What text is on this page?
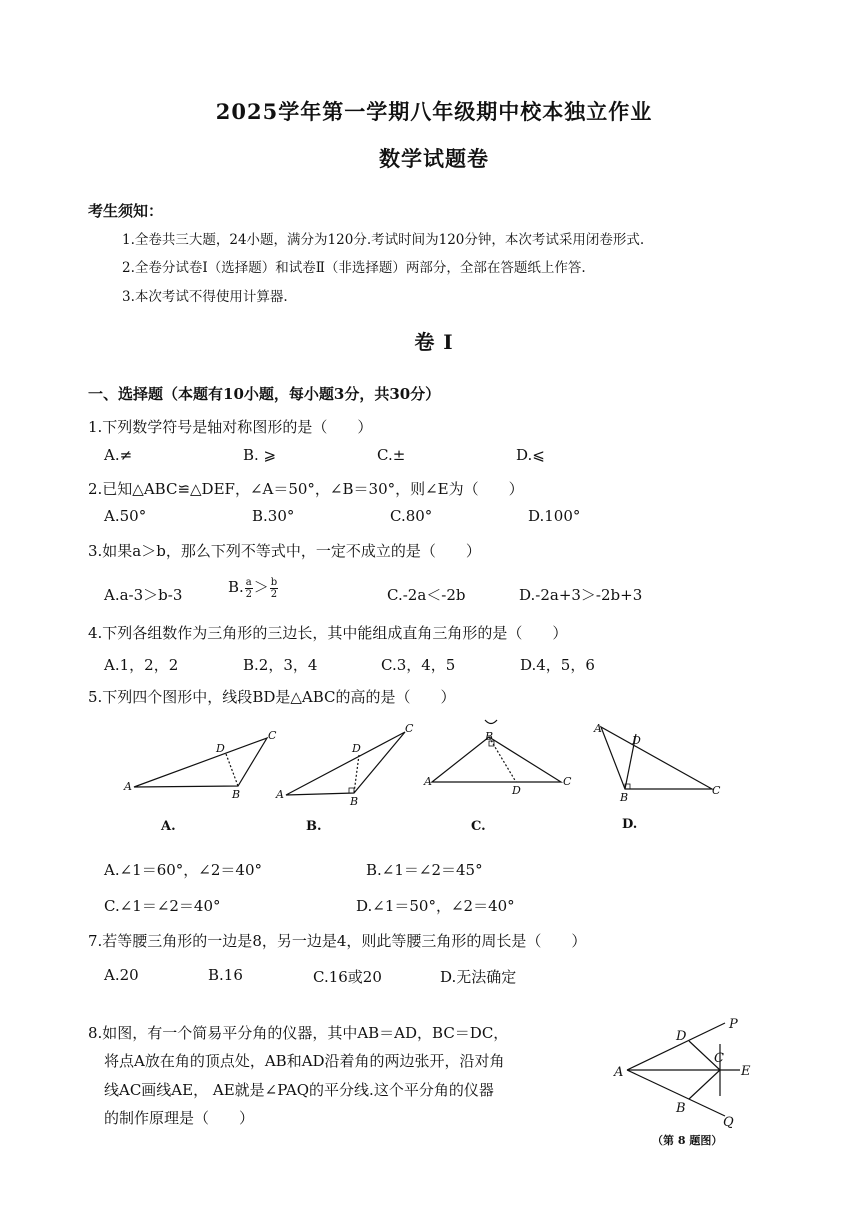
2025学年第一学期八年级期中校本独立作业
数学试题卷
考生须知：
1.全卷共三大题，24小题，满分为120分.考试时间为120分钟，本次考试采用闭卷形式.
2.全卷分试卷Ⅰ（选择题）和试卷Ⅱ（非选择题）两部分，全部在答题纸上作答.
3.本次考试不得使用计算器.
卷 Ⅰ
一、选择题（本题有10小题，每小题3分，共30分）
1.下列数学符号是轴对称图形的是（　　）
A.≠	B. ⩾	C.±	D.⩽
2.已知△ABC≌△DEF，∠A＝50°，∠B＝30°，则∠E为（　　）
A.50°	B.30°	C.80°	D.100°
3.如果a＞b，那么下列不等式中，一定不成立的是（　　）
A.a-3＞b-3	B. $\frac{a}{2} > \frac{b}{2}$	C.-2a＜-2b	D.-2a+3＞-2b+3
4.下列各组数作为三角形的三边长，其中能组成直角三角形的是（　　）
A.1，2，2	B.2，3，4	C.3，4，5	D.4，5，6
5.下列四个图形中，线段BD是△ABC的高的是（　　）
A
C
D
B	A
C
D
B
A
B
C
D
A
D
B
C
A.	B.	C.	D.
A.∠1＝60°，∠2＝40°	B.∠1＝∠2＝45°
C.∠1＝∠2＝40°	D.∠1＝50°，∠2＝40°
7.若等腰三角形的一边是8，另一边是4，则此等腰三角形的周长是（　　）
A.20	B.16	C.16或20	D.无法确定
8.如图，有一个简易平分角的仪器，其中AB＝AD，BC＝DC，
将点A放在角的顶点处，AB和AD沿着角的两边张开，沿对角
线AC画线AE， AE就是∠PAQ的平分线.这个平分角的仪器
的制作原理是（　　）
A
D
P
C
E
B
Q
（第 8 题图）
